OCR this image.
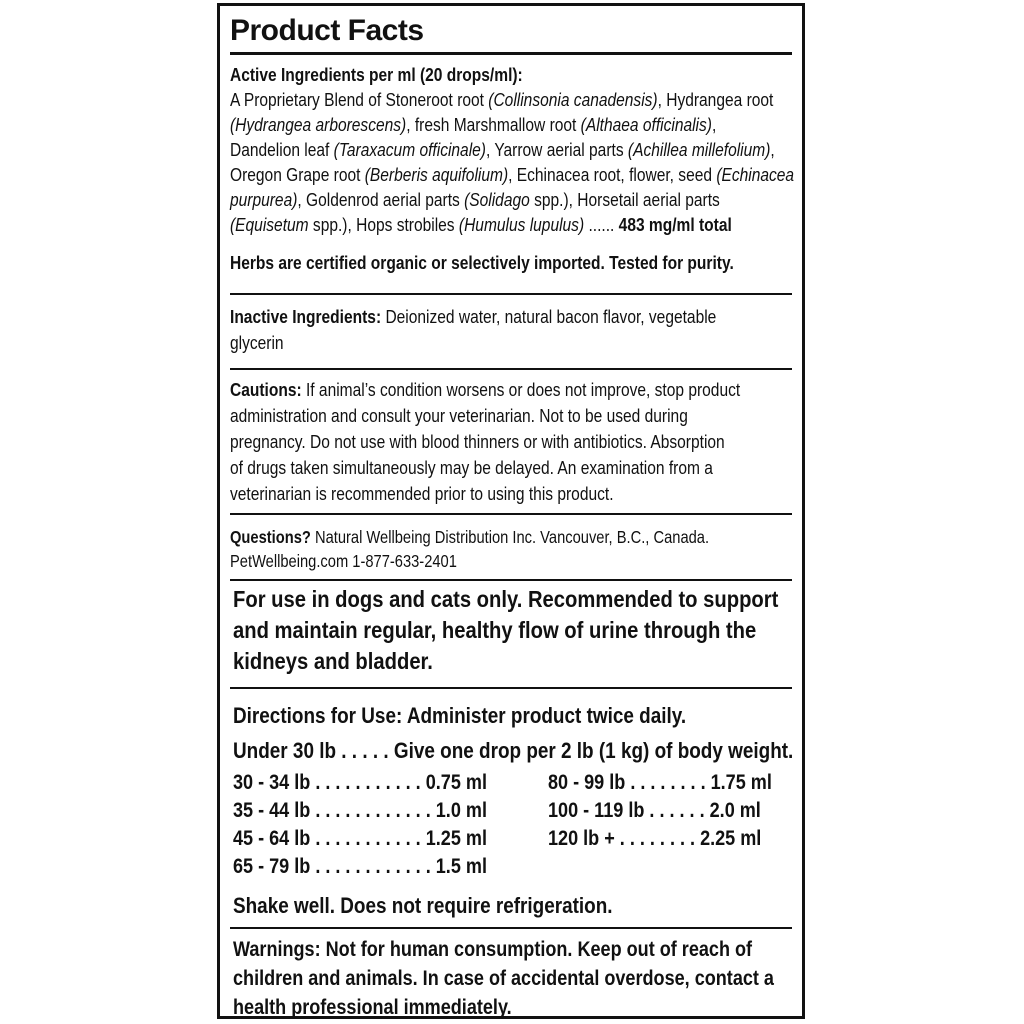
Product Facts
Active Ingredients per ml (20 drops/ml):
A Proprietary Blend of Stoneroot root (Collinsonia canadensis), Hydrangea root
(Hydrangea arborescens), fresh Marshmallow root (Althaea officinalis),
Dandelion leaf (Taraxacum officinale), Yarrow aerial parts (Achillea millefolium),
Oregon Grape root (Berberis aquifolium), Echinacea root, flower, seed (Echinacea
purpurea), Goldenrod aerial parts (Solidago spp.), Horsetail aerial parts
(Equisetum spp.), Hops strobiles (Humulus lupulus) ...... 483 mg/ml total
Herbs are certified organic or selectively imported. Tested for purity.
Inactive Ingredients: Deionized water, natural bacon flavor, vegetable
glycerin
Cautions: If animal’s condition worsens or does not improve, stop product
administration and consult your veterinarian. Not to be used during
pregnancy. Do not use with blood thinners or with antibiotics. Absorption
of drugs taken simultaneously may be delayed. An examination from a
veterinarian is recommended prior to using this product.
Questions? Natural Wellbeing Distribution Inc. Vancouver, B.C., Canada.
PetWellbeing.com 1-877-633-2401
For use in dogs and cats only. Recommended to support
and maintain regular, healthy flow of urine through the
kidneys and bladder.
Directions for Use: Administer product twice daily.
Under 30 lb . . . . . Give one drop per 2 lb (1 kg) of body weight.
30 - 34 lb . . . . . . . . . . . 0.75 ml
35 - 44 lb . . . . . . . . . . . . 1.0 ml
45 - 64 lb . . . . . . . . . . . 1.25 ml
65 - 79 lb . . . . . . . . . . . . 1.5 ml
80 - 99 lb . . . . . . . . 1.75 ml
100 - 119 lb . . . . . . 2.0 ml
120 lb + . . . . . . . . 2.25 ml
Shake well. Does not require refrigeration.
Warnings: Not for human consumption. Keep out of reach of
children and animals. In case of accidental overdose, contact a
health professional immediately.
